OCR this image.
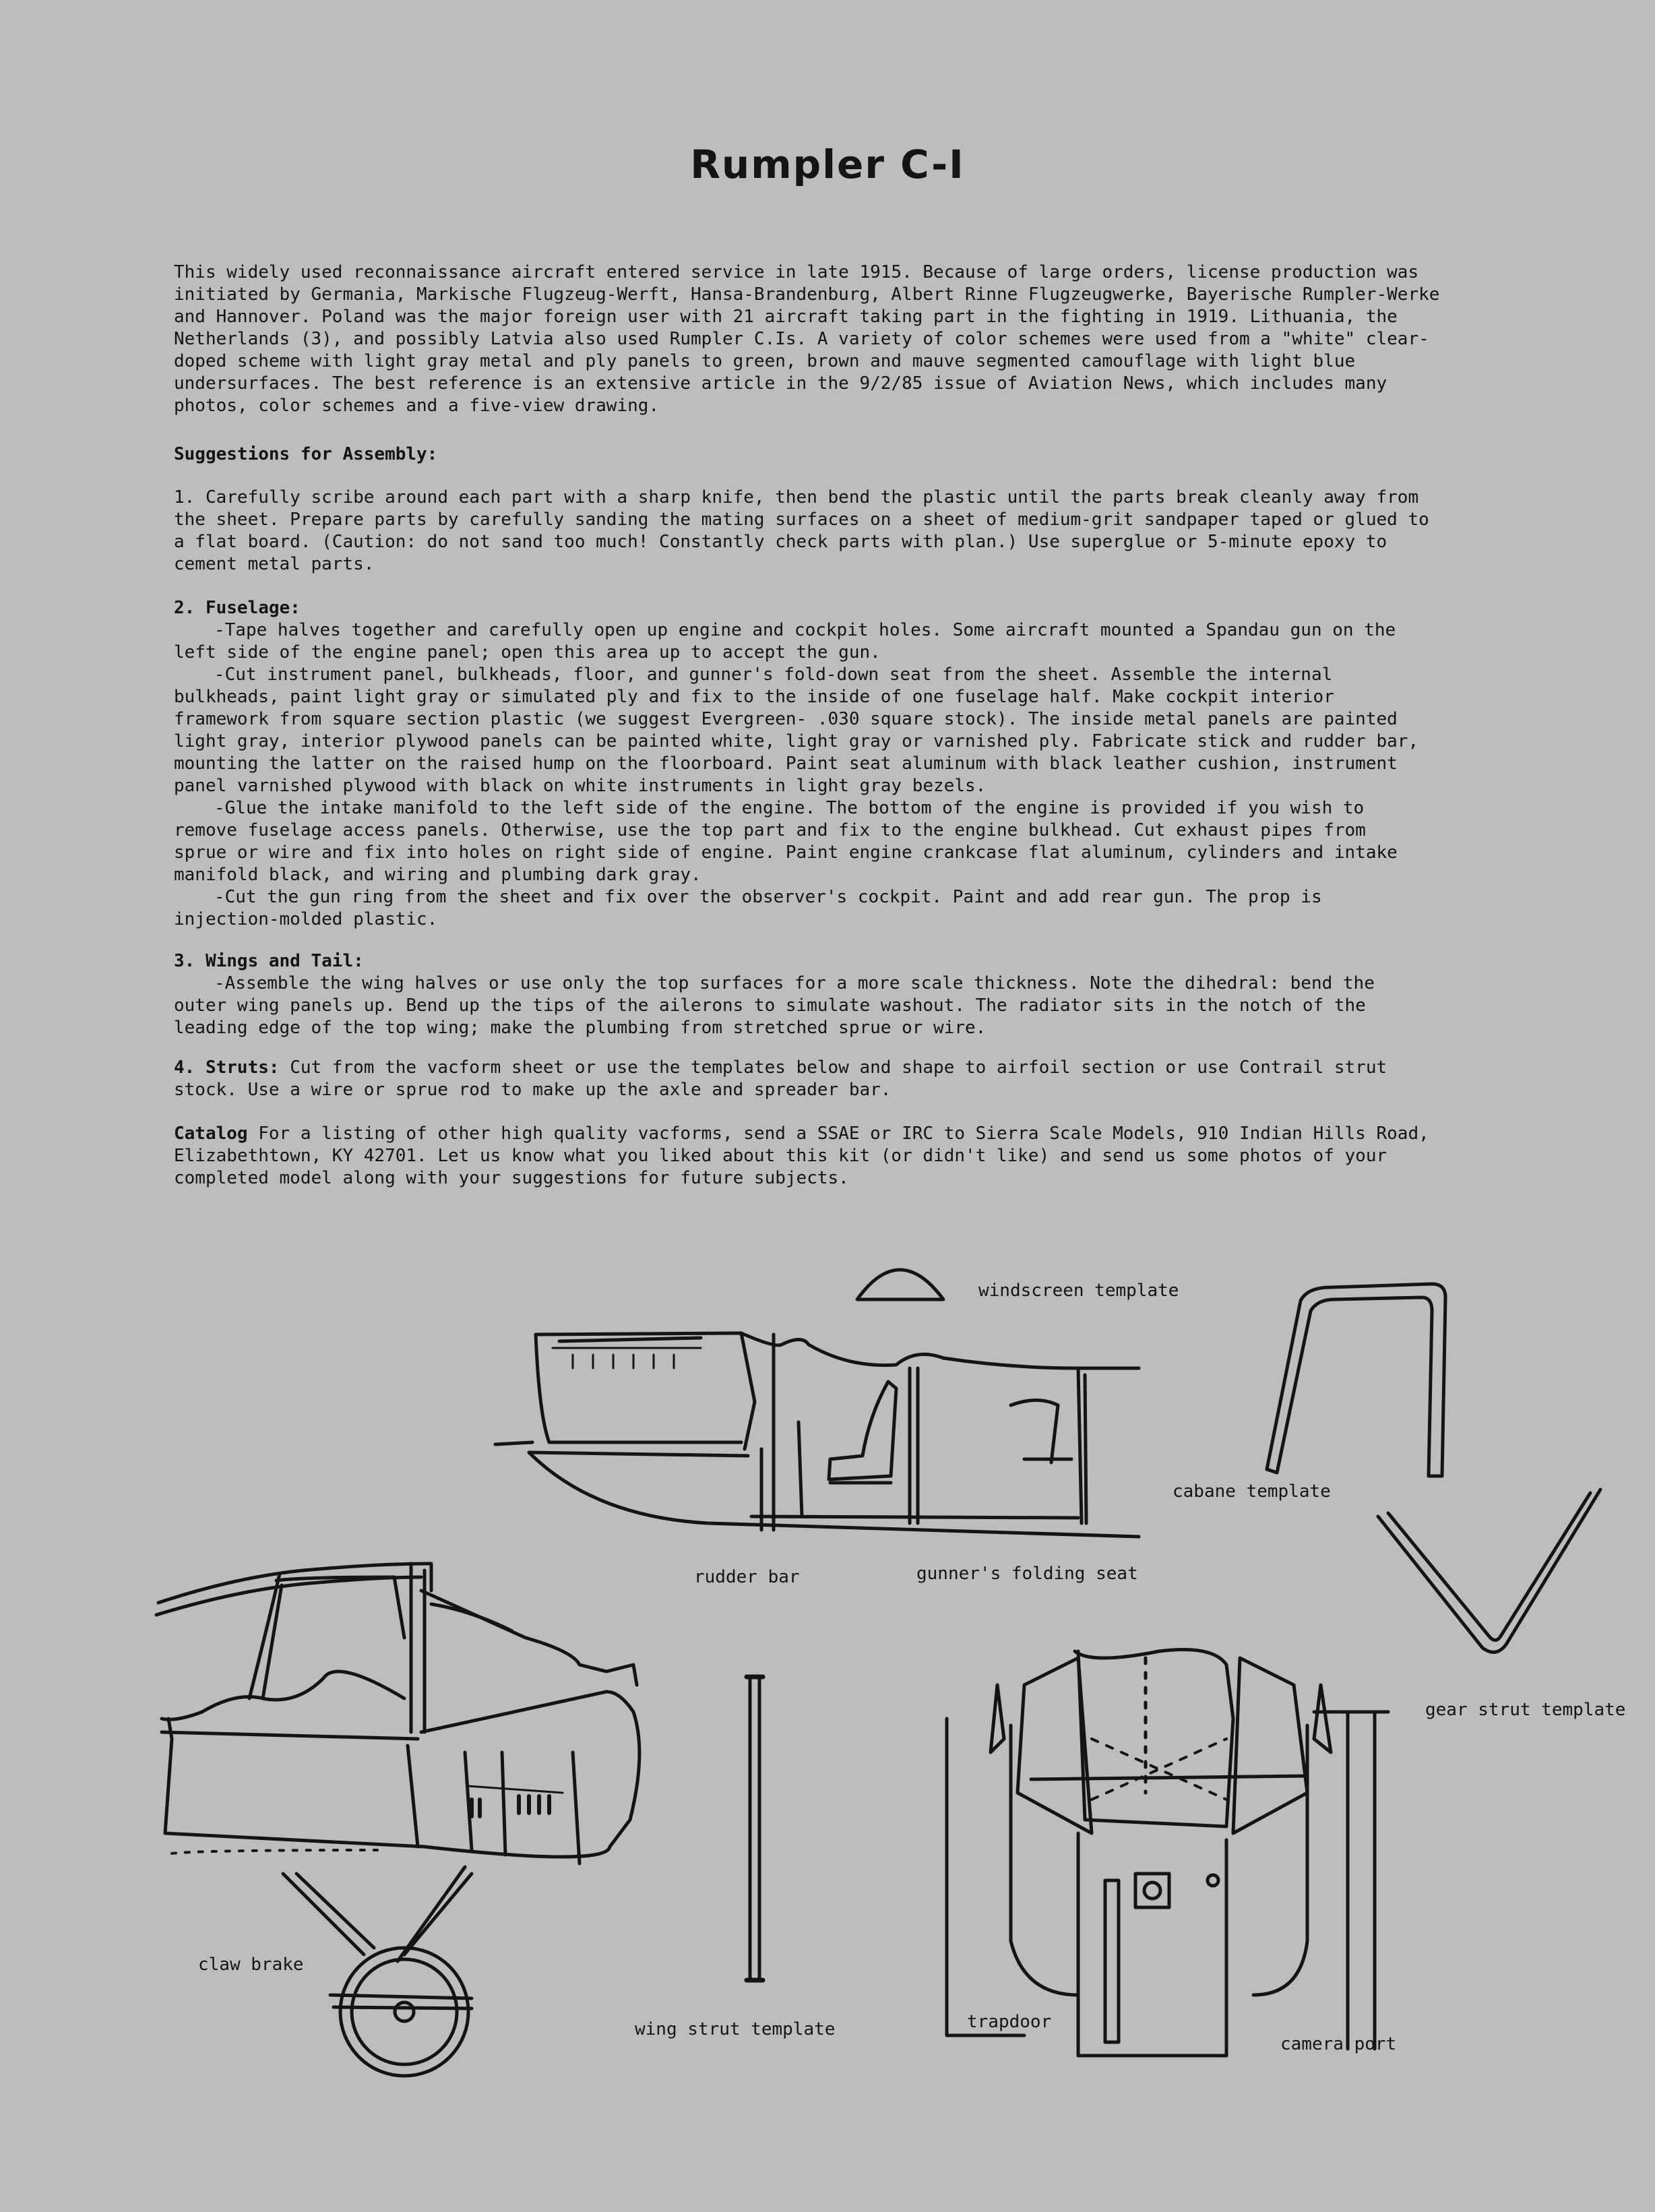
Rumpler C-I
This widely used reconnaissance aircraft entered service in late 1915. Because of large orders, license production was
initiated by Germania, Markische Flugzeug-Werft, Hansa-Brandenburg, Albert Rinne Flugzeugwerke, Bayerische Rumpler-Werke
and Hannover. Poland was the major foreign user with 21 aircraft taking part in the fighting in 1919. Lithuania, the
Netherlands (3), and possibly Latvia also used Rumpler C.Is. A variety of color schemes were used from a "white" clear-
doped scheme with light gray metal and ply panels to green, brown and mauve segmented camouflage with light blue
undersurfaces. The best reference is an extensive article in the 9/2/85 issue of Aviation News, which includes many
photos, color schemes and a five-view drawing.
Suggestions for Assembly:
1. Carefully scribe around each part with a sharp knife, then bend the plastic until the parts break cleanly away from
the sheet. Prepare parts by carefully sanding the mating surfaces on a sheet of medium-grit sandpaper taped or glued to
a flat board. (Caution: do not sand too much! Constantly check parts with plan.) Use superglue or 5-minute epoxy to
cement metal parts.
2. Fuselage:
-Tape halves together and carefully open up engine and cockpit holes. Some aircraft mounted a Spandau gun on the
left side of the engine panel; open this area up to accept the gun.
-Cut instrument panel, bulkheads, floor, and gunner's fold-down seat from the sheet. Assemble the internal
bulkheads, paint light gray or simulated ply and fix to the inside of one fuselage half. Make cockpit interior
framework from square section plastic (we suggest Evergreen- .030 square stock). The inside metal panels are painted
light gray, interior plywood panels can be painted white, light gray or varnished ply. Fabricate stick and rudder bar,
mounting the latter on the raised hump on the floorboard. Paint seat aluminum with black leather cushion, instrument
panel varnished plywood with black on white instruments in light gray bezels.
-Glue the intake manifold to the left side of the engine. The bottom of the engine is provided if you wish to
remove fuselage access panels. Otherwise, use the top part and fix to the engine bulkhead. Cut exhaust pipes from
sprue or wire and fix into holes on right side of engine. Paint engine crankcase flat aluminum, cylinders and intake
manifold black, and wiring and plumbing dark gray.
-Cut the gun ring from the sheet and fix over the observer's cockpit. Paint and add rear gun. The prop is
injection-molded plastic.
3. Wings and Tail:
-Assemble the wing halves or use only the top surfaces for a more scale thickness. Note the dihedral: bend the
outer wing panels up. Bend up the tips of the ailerons to simulate washout. The radiator sits in the notch of the
leading edge of the top wing; make the plumbing from stretched sprue or wire.
4. Struts: Cut from the vacform sheet or use the templates below and shape to airfoil section or use Contrail strut
stock. Use a wire or sprue rod to make up the axle and spreader bar.
Catalog For a listing of other high quality vacforms, send a SSAE or IRC to Sierra Scale Models, 910 Indian Hills Road,
Elizabethtown, KY 42701. Let us know what you liked about this kit (or didn't like) and send us some photos of your
completed model along with your suggestions for future subjects.

windscreen template

cabane template

rudder bar	gunner's folding seat

gear strut template

claw brake

wing strut template	trapdoor

camera port
